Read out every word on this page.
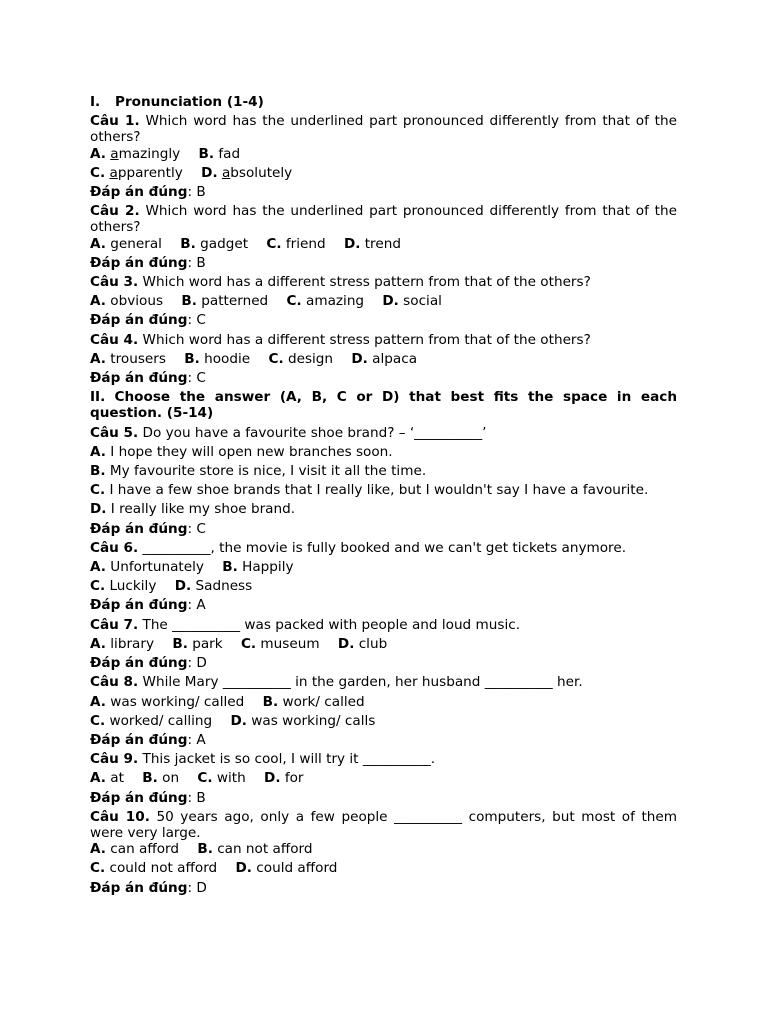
I. Pronunciation (1-4)
Câu 1. Which word has the underlined part pronounced differently from that of the others?
A. amazingly B. fad
C. apparently D. absolutely
Đáp án đúng: B
Câu 2. Which word has the underlined part pronounced differently from that of the others?
A. general B. gadget C. friend D. trend
Đáp án đúng: B
Câu 3. Which word has a different stress pattern from that of the others?
A. obvious B. patterned C. amazing D. social
Đáp án đúng: C
Câu 4. Which word has a different stress pattern from that of the others?
A. trousers B. hoodie C. design D. alpaca
Đáp án đúng: C
II. Choose the answer (A, B, C or D) that best fits the space in each question. (5-14)
Câu 5. Do you have a favourite shoe brand? – ‘__________’
A. I hope they will open new branches soon.
B. My favourite store is nice, I visit it all the time.
C. I have a few shoe brands that I really like, but I wouldn't say I have a favourite.
D. I really like my shoe brand.
Đáp án đúng: C
Câu 6. __________, the movie is fully booked and we can't get tickets anymore.
A. Unfortunately B. Happily
C. Luckily D. Sadness
Đáp án đúng: A
Câu 7. The __________ was packed with people and loud music.
A. library B. park C. museum D. club
Đáp án đúng: D
Câu 8. While Mary __________ in the garden, her husband __________ her.
A. was working/ called B. work/ called
C. worked/ calling D. was working/ calls
Đáp án đúng: A
Câu 9. This jacket is so cool, I will try it __________.
A. at B. on C. with D. for
Đáp án đúng: B
Câu 10. 50 years ago, only a few people __________ computers, but most of them were very large.
A. can afford B. can not afford
C. could not afford D. could afford
Đáp án đúng: D
